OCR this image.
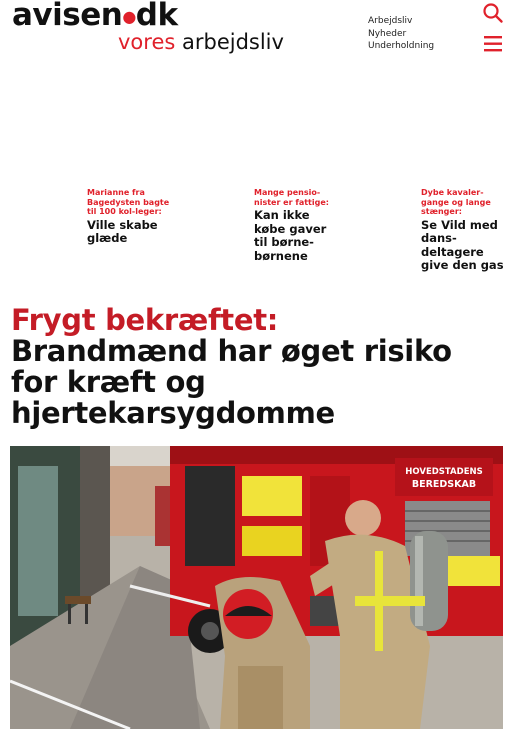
avisen●dk
vores arbejdsliv
Arbejdsliv
Nyheder
Underholdning
Marianne fra Bagedysten bagte til 100 kol-leger:
Ville skabe glæde
Mange pensio-nister er fattige:
Kan ikke købe gaver til børne-børnene
Dybe kavaler-gange og lange stænger:
Se Vild med dans-deltagere give den gas
Frygt bekræftet:
Brandmænd har øget risiko for kræft og hjertekarsygdomme
HOVEDSTADENS
BEREDSKAB
